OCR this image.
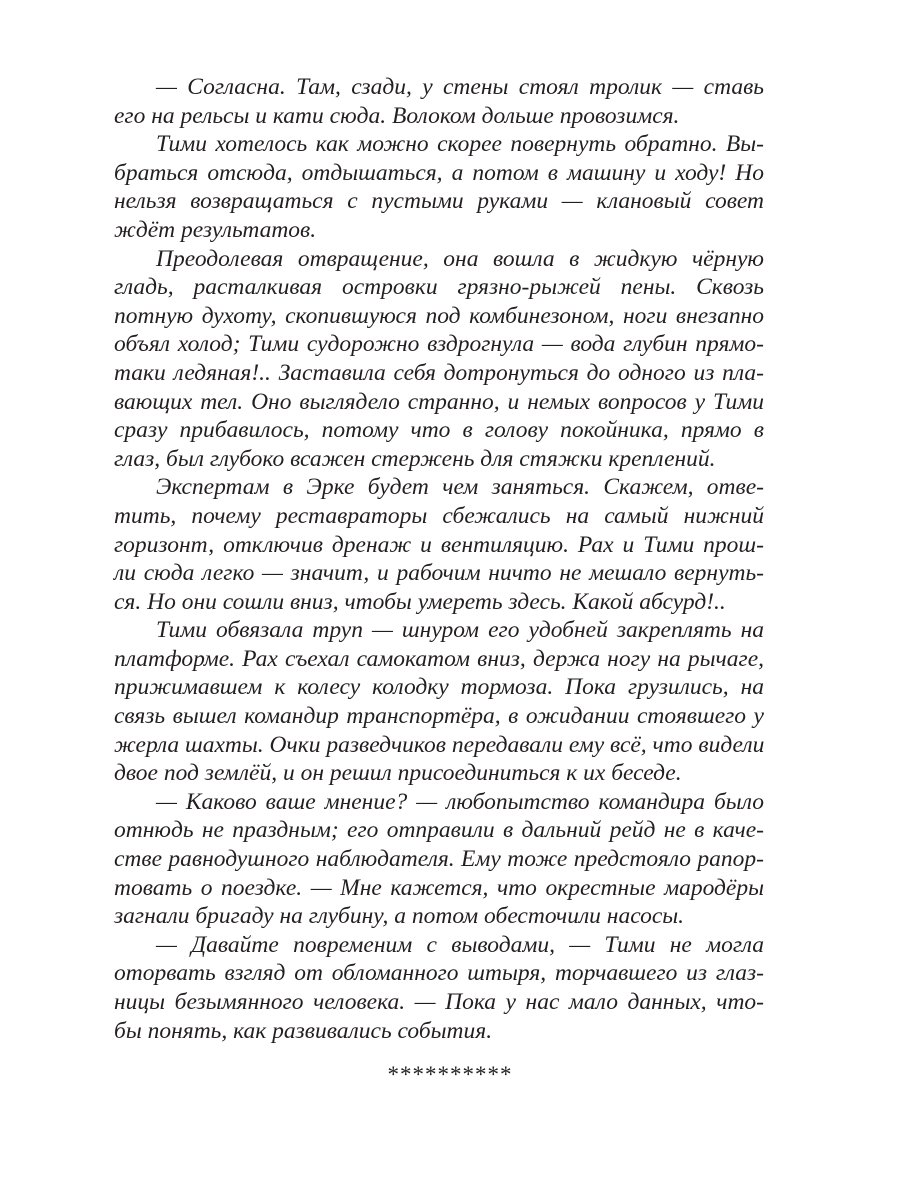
— Согласна. Там, сзади, у стены стоял тролик — ставь
его на рельсы и кати сюда. Волоком дольше провозимся.
Тими хотелось как можно скорее повернуть обратно. Вы-
браться отсюда, отдышаться, а потом в машину и ходу! Но
нельзя возвращаться с пустыми руками — клановый совет
ждёт результатов.
Преодолевая отвращение, она вошла в жидкую чёрную
гладь, расталкивая островки грязно-рыжей пены. Сквозь
потную духоту, скопившуюся под комбинезоном, ноги внезапно
объял холод; Тими судорожно вздрогнула — вода глубин прямо-
таки ледяная!.. Заставила себя дотронуться до одного из пла-
вающих тел. Оно выглядело странно, и немых вопросов у Тими
сразу прибавилось, потому что в голову покойника, прямо в
глаз, был глубоко всажен стержень для стяжки креплений.
Экспертам в Эрке будет чем заняться. Скажем, отве-
тить, почему реставраторы сбежались на самый нижний
горизонт, отключив дренаж и вентиляцию. Рах и Тими прош-
ли сюда легко — значит, и рабочим ничто не мешало вернуть-
ся. Но они сошли вниз, чтобы умереть здесь. Какой абсурд!..
Тими обвязала труп — шнуром его удобней закреплять на
платформе. Рах съехал самокатом вниз, держа ногу на рычаге,
прижимавшем к колесу колодку тормоза. Пока грузились, на
связь вышел командир транспортёра, в ожидании стоявшего у
жерла шахты. Очки разведчиков передавали ему всё, что видели
двое под землёй, и он решил присоединиться к их беседе.
— Каково ваше мнение? — любопытство командира было
отнюдь не праздным; его отправили в дальний рейд не в каче-
стве равнодушного наблюдателя. Ему тоже предстояло рапор-
товать о поездке. — Мне кажется, что окрестные мародёры
загнали бригаду на глубину, а потом обесточили насосы.
— Давайте повременим с выводами, — Тими не могла
оторвать взгляд от обломанного штыря, торчавшего из глаз-
ницы безымянного человека. — Пока у нас мало данных, что-
бы понять, как развивались события.
**********
